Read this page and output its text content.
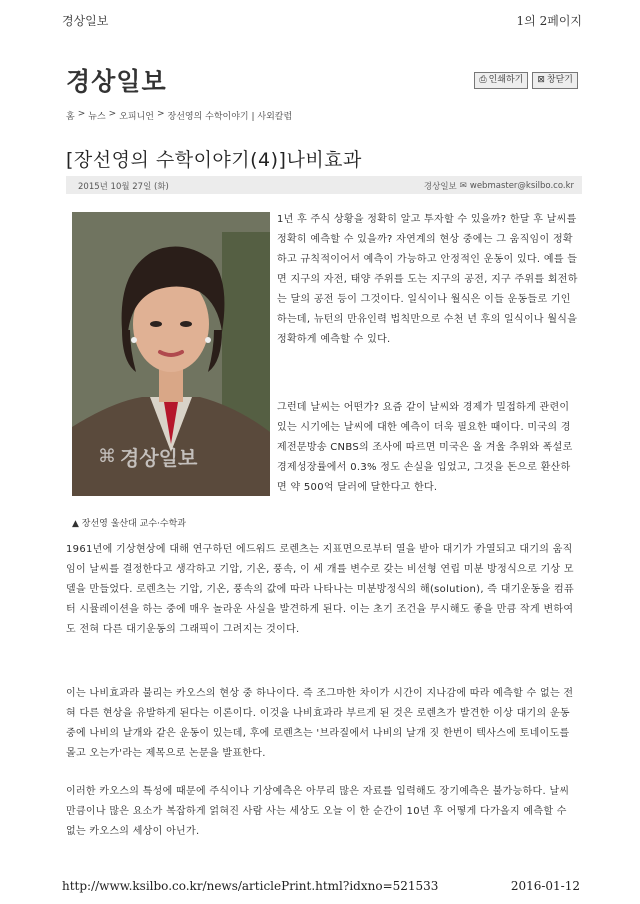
경상일보	1의 2페이지
경상일보	⎙ 인쇄하기 ⊠ 창닫기
홈 > 뉴스 > 오피니언 > 장선영의 수학이야기 | 사외칼럼
[장선영의 수학이야기(4)]나비효과
2015년 10월 27일 (화)	경상일보 ✉ webmaster@ksilbo.co.kr
⌘ 경상일보
▲ 장선영 울산대 교수·수학과
1년 후 주식 상황을 정확히 알고 투자할 수 있을까? 한달 후 날씨를 정확히 예측할 수 있을까? 자연계의 현상 중에는 그 움직임이 정확하고 규칙적이어서 예측이 가능하고 안정적인 운동이 있다. 예를 들면 지구의 자전, 태양 주위를 도는 지구의 공전, 지구 주위를 회전하는 달의 공전 등이 그것이다. 일식이나 월식은 이들 운동들로 기인하는데, 뉴턴의 만유인력 법칙만으로 수천 년 후의 일식이나 월식을 정확하게 예측할 수 있다.
그런데 날씨는 어떤가? 요즘 같이 날씨와 경제가 밀접하게 관련이 있는 시기에는 날씨에 대한 예측이 더욱 필요한 때이다. 미국의 경제전문방송 CNBS의 조사에 따르면 미국은 올 겨울 추위와 폭설로 경제성장률에서 0.3% 정도 손실을 입었고, 그것을 돈으로 환산하면 약 500억 달러에 달한다고 한다.
1961년에 기상현상에 대해 연구하던 에드워드 로렌츠는 지표면으로부터 열을 받아 대기가 가열되고 대기의 움직임이 날씨를 결정한다고 생각하고 기압, 기온, 풍속, 이 세 개를 변수로 갖는 비선형 연립 미분 방정식으로 기상 모델을 만들었다. 로렌츠는 기압, 기온, 풍속의 값에 따라 나타나는 미분방정식의 해(solution), 즉 대기운동을 컴퓨터 시뮬레이션을 하는 중에 매우 놀라운 사실을 발견하게 된다. 이는 초기 조건을 무시해도 좋을 만큼 작게 변하여도 전혀 다른 대기운동의 그래픽이 그려지는 것이다.
이는 나비효과라 불리는 카오스의 현상 중 하나이다. 즉 조그마한 차이가 시간이 지나감에 따라 예측할 수 없는 전혀 다른 현상을 유발하게 된다는 이론이다. 이것을 나비효과라 부르게 된 것은 로렌츠가 발견한 이상 대기의 운동 중에 나비의 날개와 같은 운동이 있는데, 후에 로렌츠는 '브라질에서 나비의 날개 짓 한번이 텍사스에 토네이도를 몰고 오는가'라는 제목으로 논문을 발표한다.
이러한 카오스의 특성에 때문에 주식이나 기상예측은 아무리 많은 자료를 입력해도 장기예측은 불가능하다. 날씨 만큼이나 많은 요소가 복잡하게 얽혀진 사람 사는 세상도 오늘 이 한 순간이 10년 후 어떻게 다가올지 예측할 수 없는 카오스의 세상이 아닌가.
http://www.ksilbo.co.kr/news/articlePrint.html?idxno=521533	2016-01-12
